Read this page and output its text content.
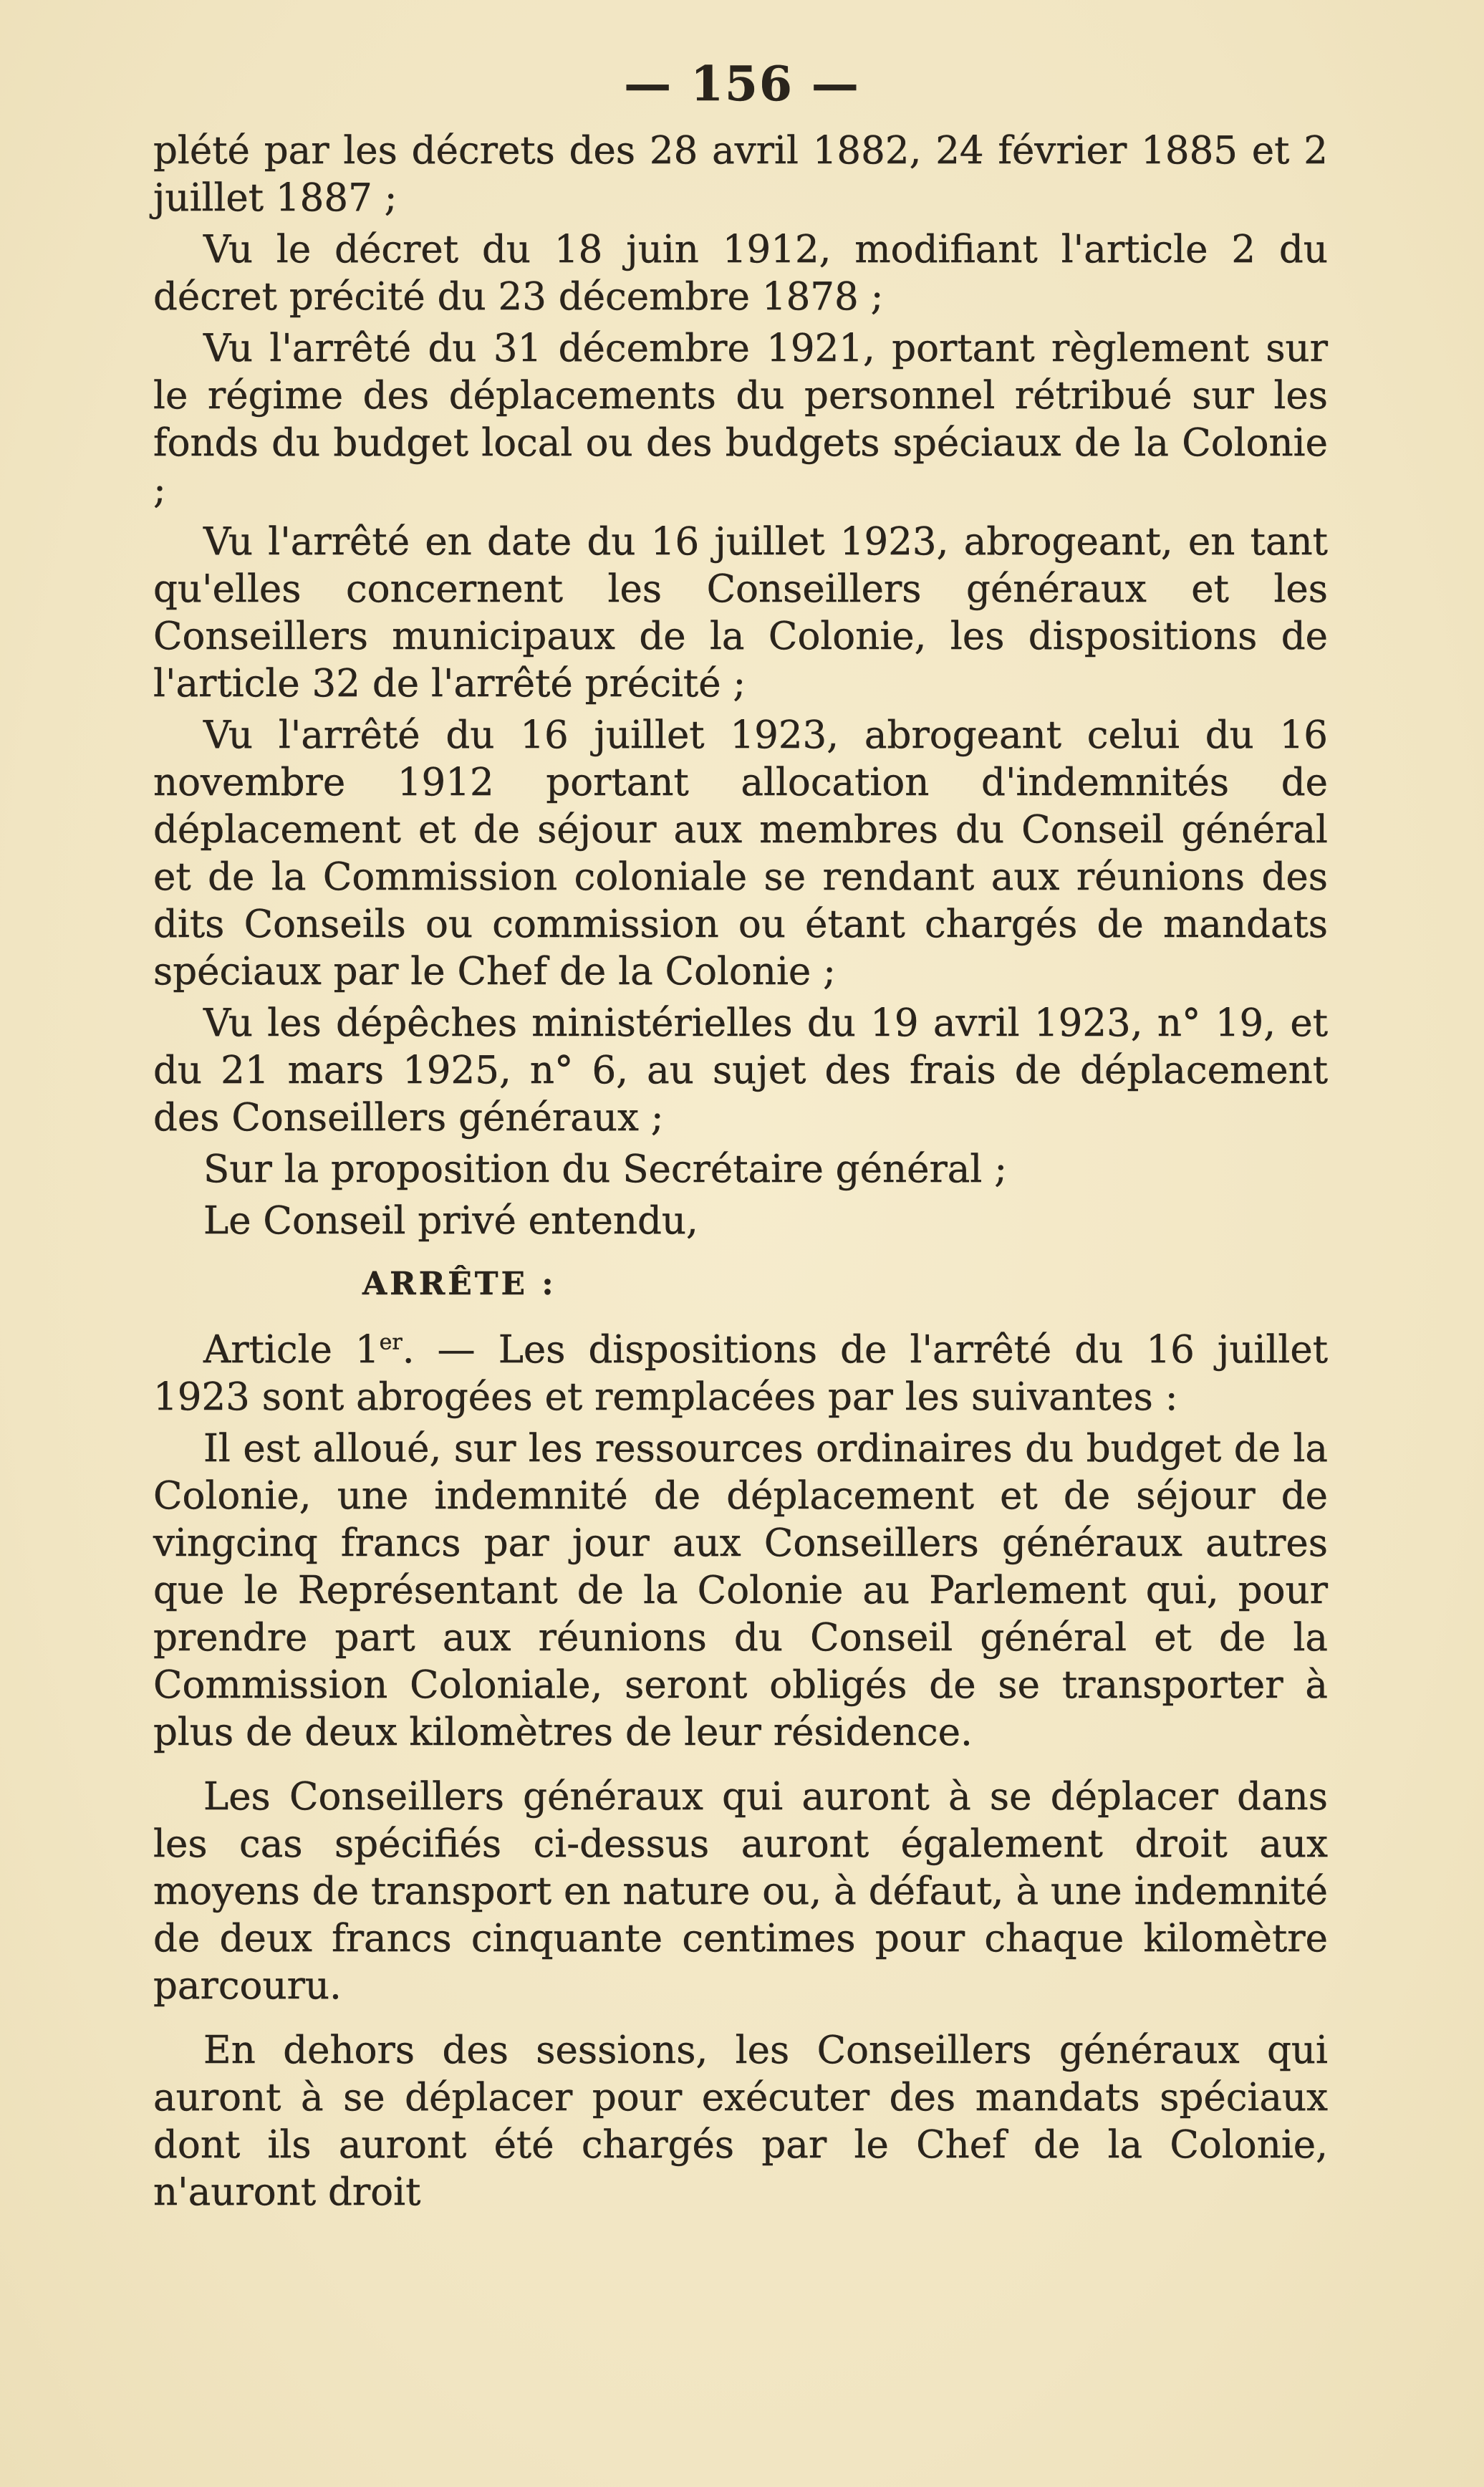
— 156 —

plété par les décrets des 28 avril 1882, 24 février 1885 et 2 juillet 1887 ;

Vu le décret du 18 juin 1912, modifiant l'article 2 du décret précité du 23 décembre 1878 ;

Vu l'arrêté du 31 décembre 1921, portant règlement sur le régime des déplacements du personnel rétribué sur les fonds du budget local ou des budgets spéciaux de la Colonie ;

Vu l'arrêté en date du 16 juillet 1923, abrogeant, en tant qu'elles concernent les Conseillers généraux et les Conseillers municipaux de la Colonie, les dispositions de l'article 32 de l'arrêté précité ;

Vu l'arrêté du 16 juillet 1923, abrogeant celui du 16 novembre 1912 portant allocation d'indemnités de déplacement et de séjour aux membres du Conseil général et de la Commission coloniale se rendant aux réunions des dits Conseils ou commission ou étant chargés de mandats spéciaux par le Chef de la Colonie ;

Vu les dépêches ministérielles du 19 avril 1923, n° 19, et du 21 mars 1925, n° 6, au sujet des frais de déplacement des Conseillers généraux ;

Sur la proposition du Secrétaire général ;

Le Conseil privé entendu,

ARRÊTE :

Article 1er. — Les dispositions de l'arrêté du 16 juillet 1923 sont abrogées et remplacées par les suivantes :

Il est alloué, sur les ressources ordinaires du budget de la Colonie, une indemnité de déplacement et de séjour de vingcinq francs par jour aux Conseillers généraux autres que le Représentant de la Colonie au Parlement qui, pour prendre part aux réunions du Conseil général et de la Commission Coloniale, seront obligés de se transporter à plus de deux kilomètres de leur résidence.

Les Conseillers généraux qui auront à se déplacer dans les cas spécifiés ci-dessus auront également droit aux moyens de transport en nature ou, à défaut, à une indemnité de deux francs cinquante centimes pour chaque kilomètre parcouru.

En dehors des sessions, les Conseillers généraux qui auront à se déplacer pour exécuter des mandats spéciaux dont ils auront été chargés par le Chef de la Colonie, n'auront droit
